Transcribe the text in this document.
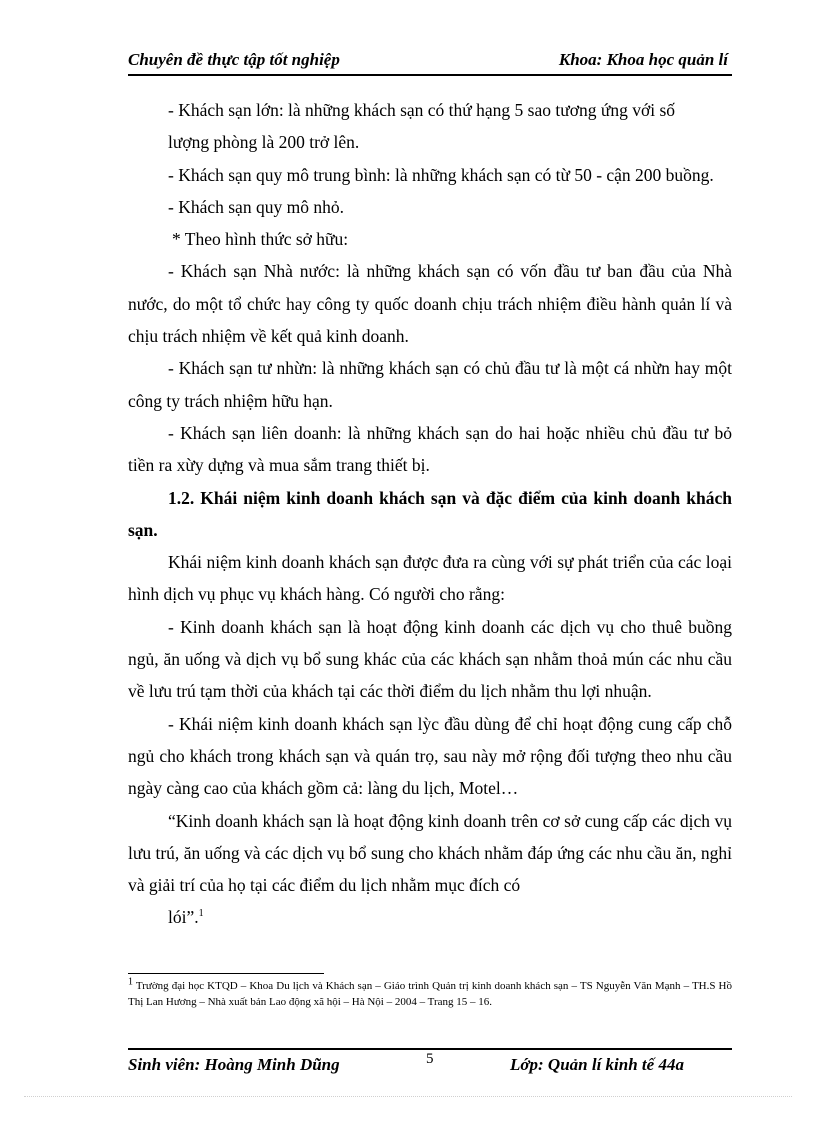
Chuyên đề thực tập tốt nghiệp	Khoa: Khoa học quản lí

- Khách sạn lớn: là những khách sạn có thứ hạng 5 sao tương ứng với số

lượng phòng là 200 trở lên.

- Khách sạn quy mô trung bình: là những khách sạn có từ 50 - cận 200 buồng.

- Khách sạn quy mô nhỏ.

* Theo hình thức sở hữu:

- Khách sạn Nhà nước: là những khách sạn có vốn đầu tư ban đầu của Nhà nước, do một tổ chức hay công ty quốc doanh chịu trách nhiệm điều hành quản lí và chịu trách nhiệm về kết quả kinh doanh.

- Khách sạn tư nhừn: là những khách sạn có chủ đầu tư là một cá nhừn hay một công ty trách nhiệm hữu hạn.

- Khách sạn liên doanh: là những khách sạn do hai hoặc nhiều chủ đầu tư bỏ tiền ra xừy dựng và mua sắm trang thiết bị.

1.2. Khái niệm kinh doanh khách sạn và đặc điểm của kinh doanh khách sạn.

Khái niệm kinh doanh khách sạn được đưa ra cùng với sự phát triển của các loại hình dịch vụ phục vụ khách hàng. Có người cho rằng:

- Kinh doanh khách sạn là hoạt động kinh doanh các dịch vụ cho thuê buồng ngủ, ăn uống và dịch vụ bổ sung khác của các khách sạn nhằm thoả mún các nhu cầu về lưu trú tạm thời của khách tại các thời điểm du lịch nhằm thu lợi nhuận.

- Khái niệm kinh doanh khách sạn lỳc đầu dùng để chỉ hoạt động cung cấp chỗ ngủ cho khách trong khách sạn và quán trọ, sau này mở rộng đối tượng theo nhu cầu ngày càng cao của khách gồm cả: làng du lịch, Motel…

“Kinh doanh khách sạn là hoạt động kinh doanh trên cơ sở cung cấp các dịch vụ lưu trú, ăn uống và các dịch vụ bổ sung cho khách nhằm đáp ứng các nhu cầu ăn, nghỉ và giải trí của họ tại các điểm du lịch nhằm mục đích có

lói”.$^1$

$^1$ Trường đại học KTQD – Khoa Du lịch và Khách sạn – Giáo trình Quản trị kinh doanh khách sạn – TS Nguyễn Văn Mạnh – TH.S Hồ Thị Lan Hương – Nhà xuất bản Lao động xã hội – Hà Nội – 2004 – Trang 15 – 16.
Sinh viên: Hoàng Minh Dũng	5	Lớp: Quản lí kinh tế 44a
